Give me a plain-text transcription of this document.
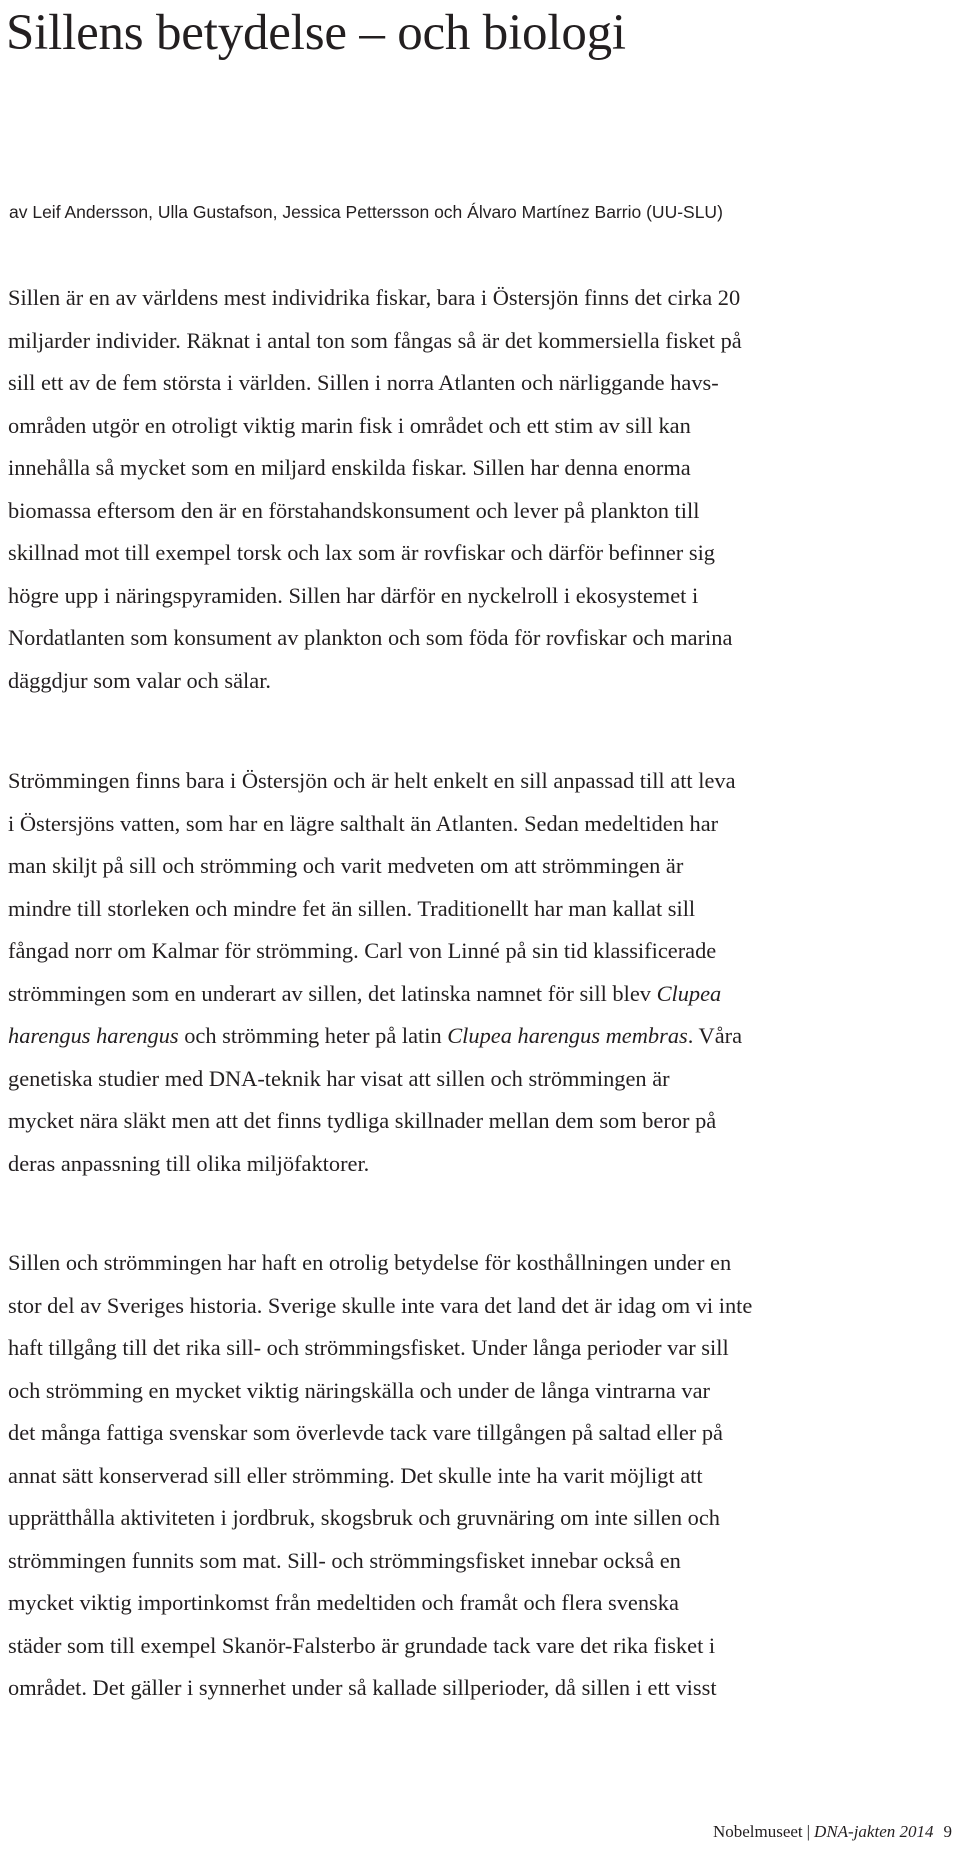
Sillens betydelse – och biologi

av Leif Andersson, Ulla Gustafson, Jessica Pettersson och Álvaro Martínez Barrio (UU-SLU)

Sillen är en av världens mest individrika fiskar, bara i Östersjön finns det cirka 20
miljarder individer. Räknat i antal ton som fångas så är det kommersiella fisket på
sill ett av de fem största i världen. Sillen i norra Atlanten och närliggande havs-
områden utgör en otroligt viktig marin fisk i området och ett stim av sill kan
innehålla så mycket som en miljard enskilda fiskar. Sillen har denna enorma
biomassa eftersom den är en förstahandskonsument och lever på plankton till
skillnad mot till exempel torsk och lax som är rovfiskar och därför befinner sig
högre upp i näringspyramiden. Sillen har därför en nyckelroll i ekosystemet i
Nordatlanten som konsument av plankton och som föda för rovfiskar och marina
däggdjur som valar och sälar.
Strömmingen finns bara i Östersjön och är helt enkelt en sill anpassad till att leva
i Östersjöns vatten, som har en lägre salthalt än Atlanten. Sedan medeltiden har
man skiljt på sill och strömming och varit medveten om att strömmingen är
mindre till storleken och mindre fet än sillen. Traditionellt har man kallat sill
fångad norr om Kalmar för strömming. Carl von Linné på sin tid klassificerade
strömmingen som en underart av sillen, det latinska namnet för sill blev Clupea
harengus harengus och strömming heter på latin Clupea harengus membras. Våra
genetiska studier med DNA-teknik har visat att sillen och strömmingen är
mycket nära släkt men att det finns tydliga skillnader mellan dem som beror på
deras anpassning till olika miljöfaktorer.
Sillen och strömmingen har haft en otrolig betydelse för kosthållningen under en
stor del av Sveriges historia. Sverige skulle inte vara det land det är idag om vi inte
haft tillgång till det rika sill- och strömmingsfisket. Under långa perioder var sill
och strömming en mycket viktig näringskälla och under de långa vintrarna var
det många fattiga svenskar som överlevde tack vare tillgången på saltad eller på
annat sätt konserverad sill eller strömming. Det skulle inte ha varit möjligt att
upprätthålla aktiviteten i jordbruk, skogsbruk och gruvnäring om inte sillen och
strömmingen funnits som mat. Sill- och strömmingsfisket innebar också en
mycket viktig importinkomst från medeltiden och framåt och flera svenska
städer som till exempel Skanör-Falsterbo är grundade tack vare det rika fisket i
området. Det gäller i synnerhet under så kallade sillperioder, då sillen i ett visst
Nobelmuseet | DNA-jakten 2014 9
